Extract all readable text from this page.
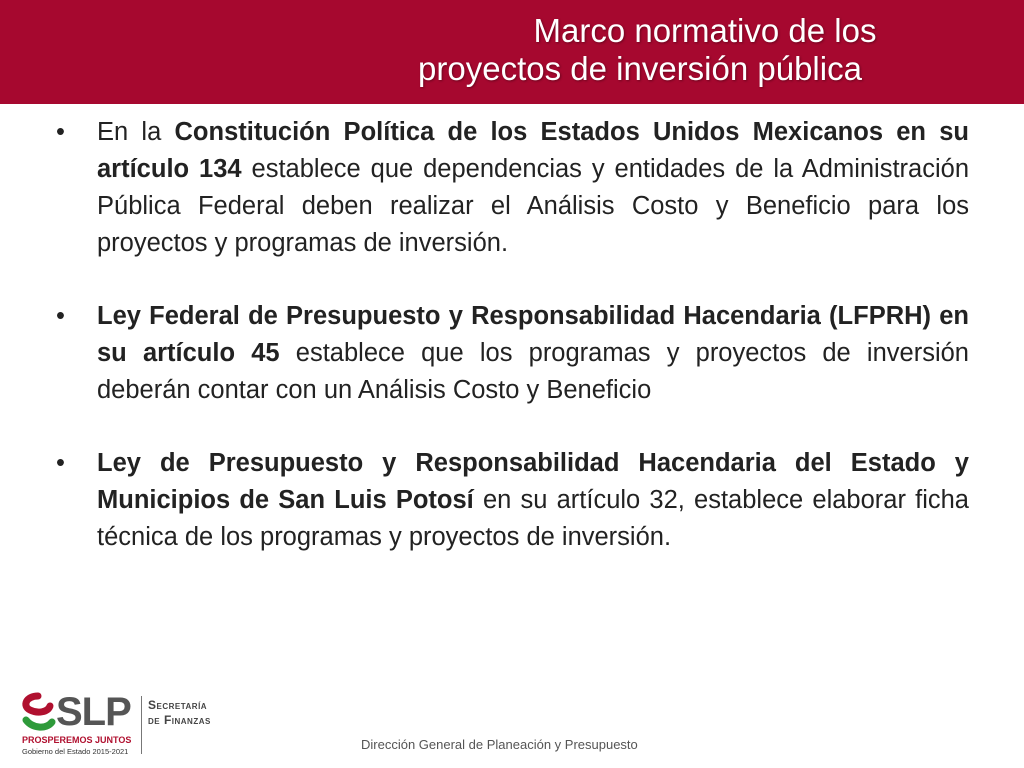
Marco normativo de los
proyectos de inversión pública
• En la Constitución Política de los Estados Unidos Mexicanos en su artículo 134 establece que dependencias y entidades de la Administración Pública Federal deben realizar el Análisis Costo y Beneficio para los proyectos y programas de inversión.
• Ley Federal de Presupuesto y Responsabilidad Hacendaria (LFPRH) en su artículo 45 establece que los programas y proyectos de inversión deberán contar con un Análisis Costo y Beneficio
• Ley de Presupuesto y Responsabilidad Hacendaria del Estado y Municipios de San Luis Potosí en su artículo 32, establece elaborar ficha técnica de los programas y proyectos de inversión.
SLP
PROSPEREMOS JUNTOS
Gobierno del Estado 2015-2021
Secretaría
de Finanzas
Dirección General de Planeación y Presupuesto
